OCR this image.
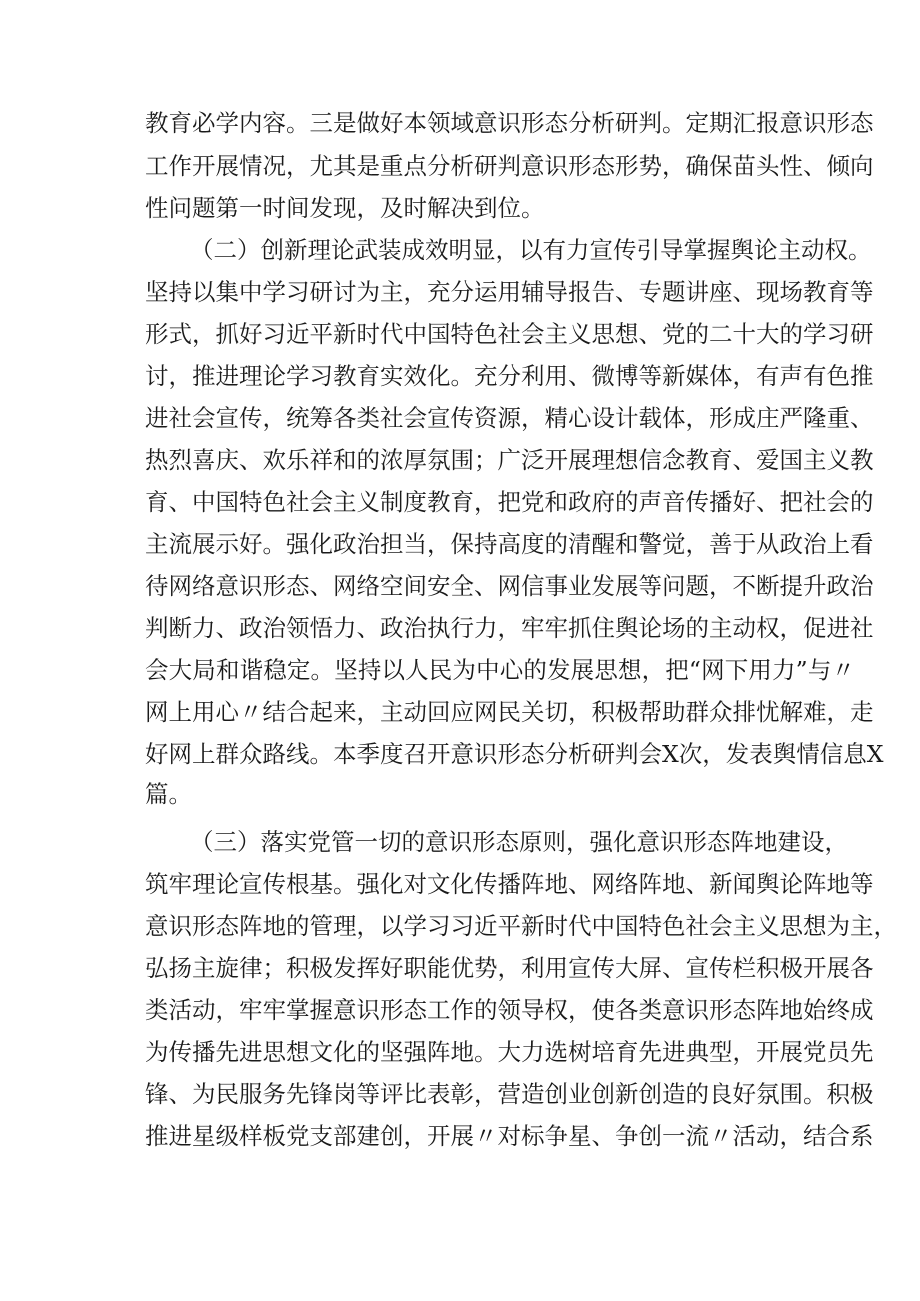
教育必学内容。三是做好本领域意识形态分析研判。定期汇报意识形态
工作开展情况，尤其是重点分析研判意识形态形势，确保苗头性、倾向
性问题第一时间发现，及时解决到位。
（二）创新理论武装成效明显，以有力宣传引导掌握舆论主动权。
坚持以集中学习研讨为主，充分运用辅导报告、专题讲座、现场教育等
形式，抓好习近平新时代中国特色社会主义思想、党的二十大的学习研
讨，推进理论学习教育实效化。充分利用、微博等新媒体，有声有色推
进社会宣传，统筹各类社会宣传资源，精心设计载体，形成庄严隆重、
热烈喜庆、欢乐祥和的浓厚氛围；广泛开展理想信念教育、爱国主义教
育、中国特色社会主义制度教育，把党和政府的声音传播好、把社会的
主流展示好。强化政治担当，保持高度的清醒和警觉，善于从政治上看
待网络意识形态、网络空间安全、网信事业发展等问题，不断提升政治
判断力、政治领悟力、政治执行力，牢牢抓住舆论场的主动权，促进社
会大局和谐稳定。坚持以人民为中心的发展思想，把“网下用力”与〃
网上用心〃结合起来，主动回应网民关切，积极帮助群众排忧解难，走
好网上群众路线。本季度召开意识形态分析研判会X次，发表舆情信息X
篇。
（三）落实党管一切的意识形态原则，强化意识形态阵地建设，
筑牢理论宣传根基。强化对文化传播阵地、网络阵地、新闻舆论阵地等
意识形态阵地的管理，以学习习近平新时代中国特色社会主义思想为主，
弘扬主旋律；积极发挥好职能优势，利用宣传大屏、宣传栏积极开展各
类活动，牢牢掌握意识形态工作的领导权，使各类意识形态阵地始终成
为传播先进思想文化的坚强阵地。大力选树培育先进典型，开展党员先
锋、为民服务先锋岗等评比表彰，营造创业创新创造的良好氛围。积极
推进星级样板党支部建创，开展〃对标争星、争创一流〃活动，结合系
